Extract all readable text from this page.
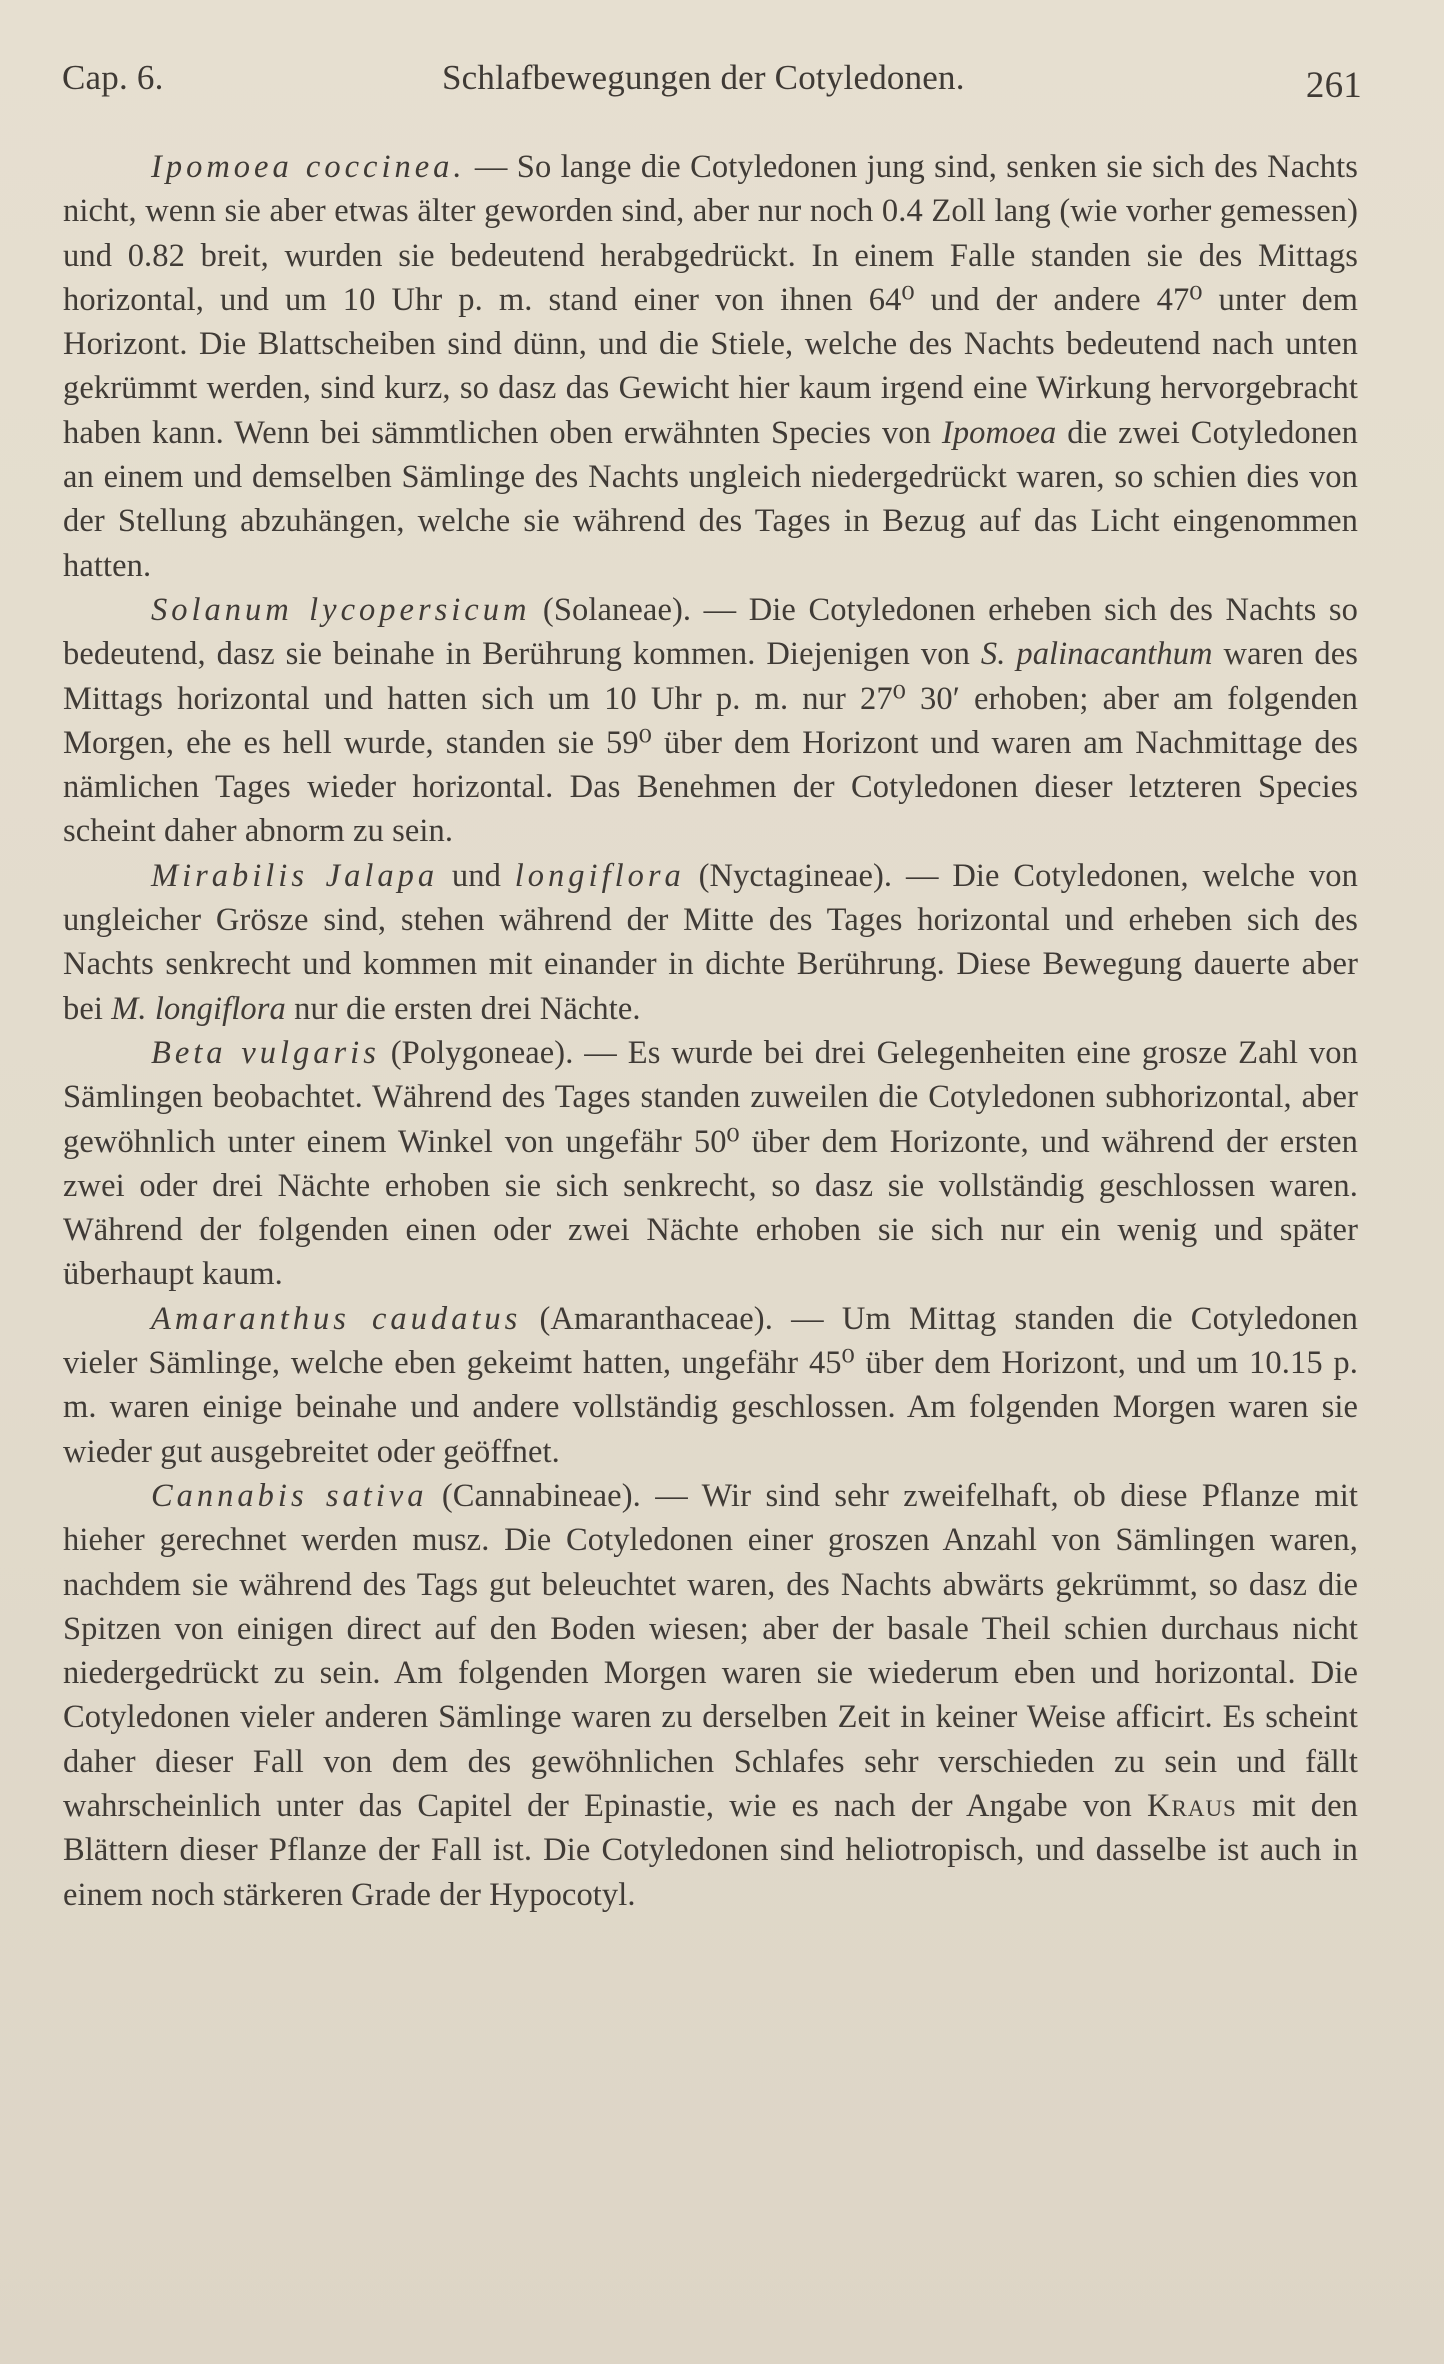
Cap. 6.	Schlafbewegungen der Cotyledonen.	261

Ipomoea coccinea. — So lange die Cotyledonen jung sind, senken sie sich des Nachts nicht, wenn sie aber etwas älter geworden sind, aber nur noch 0.4 Zoll lang (wie vorher gemessen) und 0.82 breit, wurden sie bedeutend herabgedrückt. In einem Falle standen sie des Mittags horizontal, und um 10 Uhr p. m. stand einer von ihnen 64⁰ und der andere 47⁰ unter dem Horizont. Die Blattscheiben sind dünn, und die Stiele, welche des Nachts bedeutend nach unten gekrümmt werden, sind kurz, so dasz das Gewicht hier kaum irgend eine Wirkung hervorgebracht haben kann. Wenn bei sämmtlichen oben erwähnten Species von Ipomoea die zwei Cotyledonen an einem und demselben Sämlinge des Nachts ungleich niedergedrückt waren, so schien dies von der Stellung abzuhängen, welche sie während des Tages in Bezug auf das Licht eingenommen hatten.

Solanum lycopersicum (Solaneae). — Die Cotyledonen erheben sich des Nachts so bedeutend, dasz sie beinahe in Berührung kommen. Diejenigen von S. palinacanthum waren des Mittags horizontal und hatten sich um 10 Uhr p. m. nur 27⁰ 30′ erhoben; aber am folgenden Morgen, ehe es hell wurde, standen sie 59⁰ über dem Horizont und waren am Nachmittage des nämlichen Tages wieder horizontal. Das Benehmen der Cotyledonen dieser letzteren Species scheint daher abnorm zu sein.

Mirabilis Jalapa und longiflora (Nyctagineae). — Die Cotyledonen, welche von ungleicher Grösze sind, stehen während der Mitte des Tages horizontal und erheben sich des Nachts senkrecht und kommen mit einander in dichte Berührung. Diese Bewegung dauerte aber bei M. longiflora nur die ersten drei Nächte.

Beta vulgaris (Polygoneae). — Es wurde bei drei Gelegenheiten eine grosze Zahl von Sämlingen beobachtet. Während des Tages standen zuweilen die Cotyledonen subhorizontal, aber gewöhnlich unter einem Winkel von ungefähr 50⁰ über dem Horizonte, und während der ersten zwei oder drei Nächte erhoben sie sich senkrecht, so dasz sie vollständig geschlossen waren. Während der folgenden einen oder zwei Nächte erhoben sie sich nur ein wenig und später überhaupt kaum.

Amaranthus caudatus (Amaranthaceae). — Um Mittag standen die Cotyledonen vieler Sämlinge, welche eben gekeimt hatten, ungefähr 45⁰ über dem Horizont, und um 10.15 p. m. waren einige beinahe und andere vollständig geschlossen. Am folgenden Morgen waren sie wieder gut ausgebreitet oder geöffnet.

Cannabis sativa (Cannabineae). — Wir sind sehr zweifelhaft, ob diese Pflanze mit hieher gerechnet werden musz. Die Cotyledonen einer groszen Anzahl von Sämlingen waren, nachdem sie während des Tags gut beleuchtet waren, des Nachts abwärts gekrümmt, so dasz die Spitzen von einigen direct auf den Boden wiesen; aber der basale Theil schien durchaus nicht niedergedrückt zu sein. Am folgenden Morgen waren sie wiederum eben und horizontal. Die Cotyledonen vieler anderen Sämlinge waren zu derselben Zeit in keiner Weise afficirt. Es scheint daher dieser Fall von dem des gewöhnlichen Schlafes sehr verschieden zu sein und fällt wahrscheinlich unter das Capitel der Epinastie, wie es nach der Angabe von Kraus mit den Blättern dieser Pflanze der Fall ist. Die Cotyledonen sind heliotropisch, und dasselbe ist auch in einem noch stärkeren Grade der Hypocotyl.
